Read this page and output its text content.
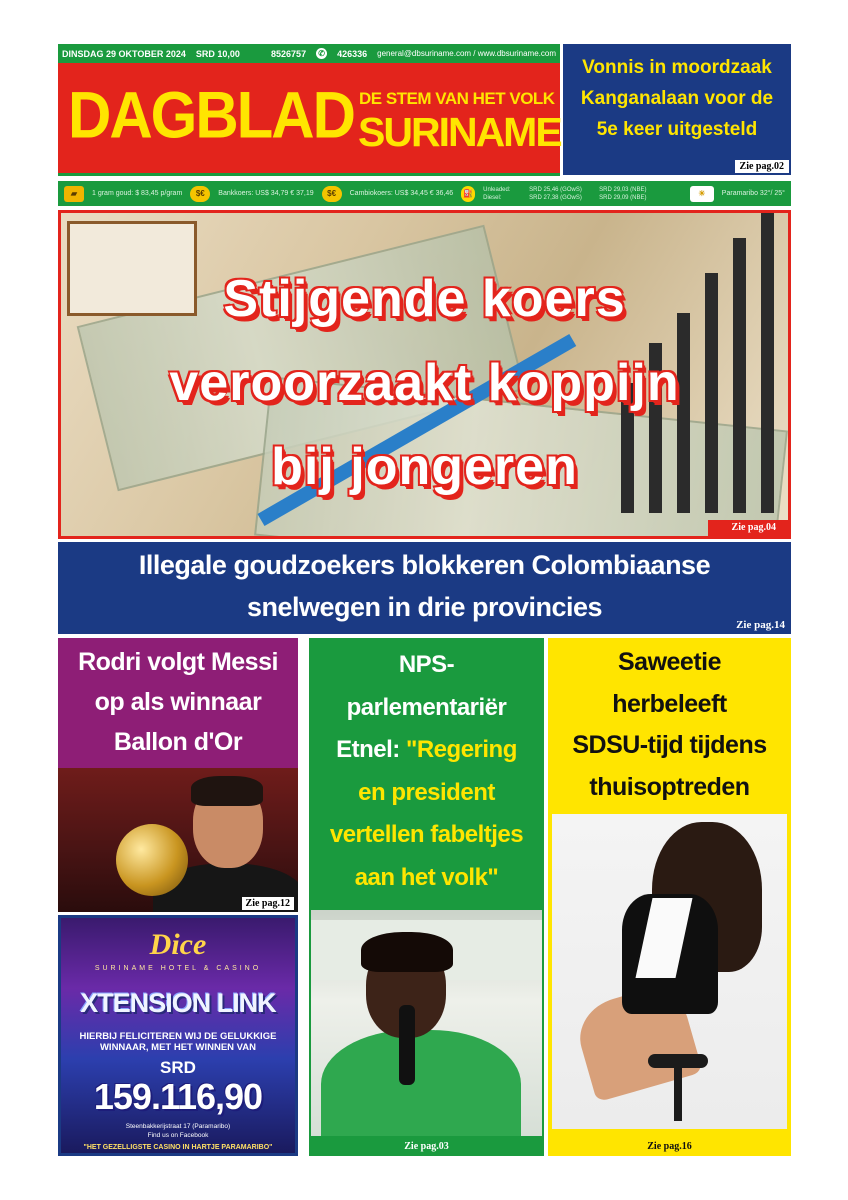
DINSDAG 29 OKTOBER 2024 SRD 10,00	8526757 ✆ 426336 general@dbsuriname.com / www.dbsuriname.com
DAGBLAD DE STEM VAN HET VOLK
SURINAME
Vonnis in moordzaak
Kanganalaan voor de
5e keer uitgesteld
Zie pag.02
▰	1 gram goud: $ 83,45 p/gram	$€	Bankkoers: US$ 34,79 € 37,19	$€	Cambiokoers: US$ 34,45 € 36,46 ⛽	Unleaded: Diesel:
SRD 25,46 (GOwS) SRD 27,38 (GOwS)
SRD 29,03 (NBE) SRD 29,09 (NBE)	☀	Paramaribo 32°/ 25°
Stijgende koers
veroorzaakt koppijn
bij jongeren
Zie pag.04
Illegale goudzoekers blokkeren Colombiaanse
snelwegen in drie provincies
Zie pag.14
Rodri volgt Messi
op als winnaar
Ballon d'Or
Zie pag.12
Dice
SURINAME HOTEL & CASINO
XTENSION LINK
HIERBIJ FELICITEREN WIJ DE GELUKKIGE
WINNAAR, MET HET WINNEN VAN
SRD
159.116,90
Steenbakkerijstraat 17 (Paramaribo)
Find us on Facebook
"HET GEZELLIGSTE CASINO IN HARTJE PARAMARIBO"
NPS-
parlementariër
Etnel: "Regering
en president
vertellen fabeltjes
aan het volk"
Zie pag.03
Saweetie
herbeleeft
SDSU-tijd tijdens
thuisoptreden
Zie pag.16
